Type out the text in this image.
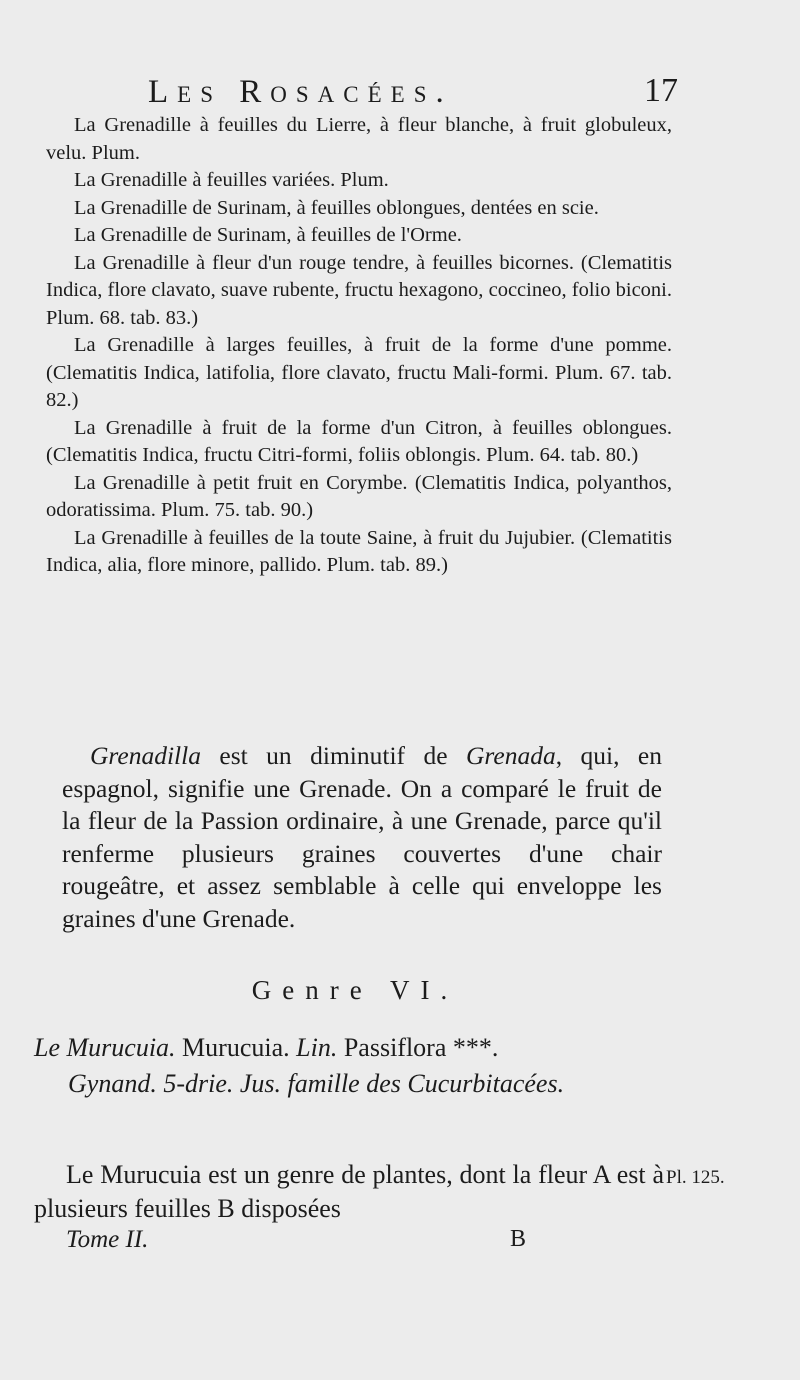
Les Rosacées.	17

La Grenadille à feuilles du Lierre, à fleur blanche, à fruit globuleux, velu. Plum.

La Grenadille à feuilles variées. Plum.

La Grenadille de Surinam, à feuilles oblongues, dentées en scie.

La Grenadille de Surinam, à feuilles de l'Orme.

La Grenadille à fleur d'un rouge tendre, à feuilles bicornes. (Clematitis Indica, flore clavato, suave rubente, fructu hexagono, coccineo, folio biconi. Plum. 68. tab. 83.)

La Grenadille à larges feuilles, à fruit de la forme d'une pomme. (Clematitis Indica, latifolia, flore clavato, fructu Mali-formi. Plum. 67. tab. 82.)

La Grenadille à fruit de la forme d'un Citron, à feuilles oblongues. (Clematitis Indica, fructu Citri-formi, foliis oblongis. Plum. 64. tab. 80.)

La Grenadille à petit fruit en Corymbe. (Clematitis Indica, polyanthos, odoratissima. Plum. 75. tab. 90.)

La Grenadille à feuilles de la toute Saine, à fruit du Jujubier. (Clematitis Indica, alia, flore minore, pallido. Plum. tab. 89.)

Grenadilla est un diminutif de Grenada, qui, en espagnol, signifie une Grenade. On a comparé le fruit de la fleur de la Passion ordinaire, à une Grenade, parce qu'il renferme plusieurs graines couvertes d'une chair rougeâtre, et assez semblable à celle qui enveloppe les graines d'une Grenade.

Genre VI.

Le Murucuia. Murucuia. Lin. Passiflora ***.

Gynand. 5-drie. Jus. famille des Cucurbitacées.

Le Murucuia est un genre de plantes, dont la fleur A est à plusieurs feuilles B disposées

Pl. 125.
Tome II.	B
